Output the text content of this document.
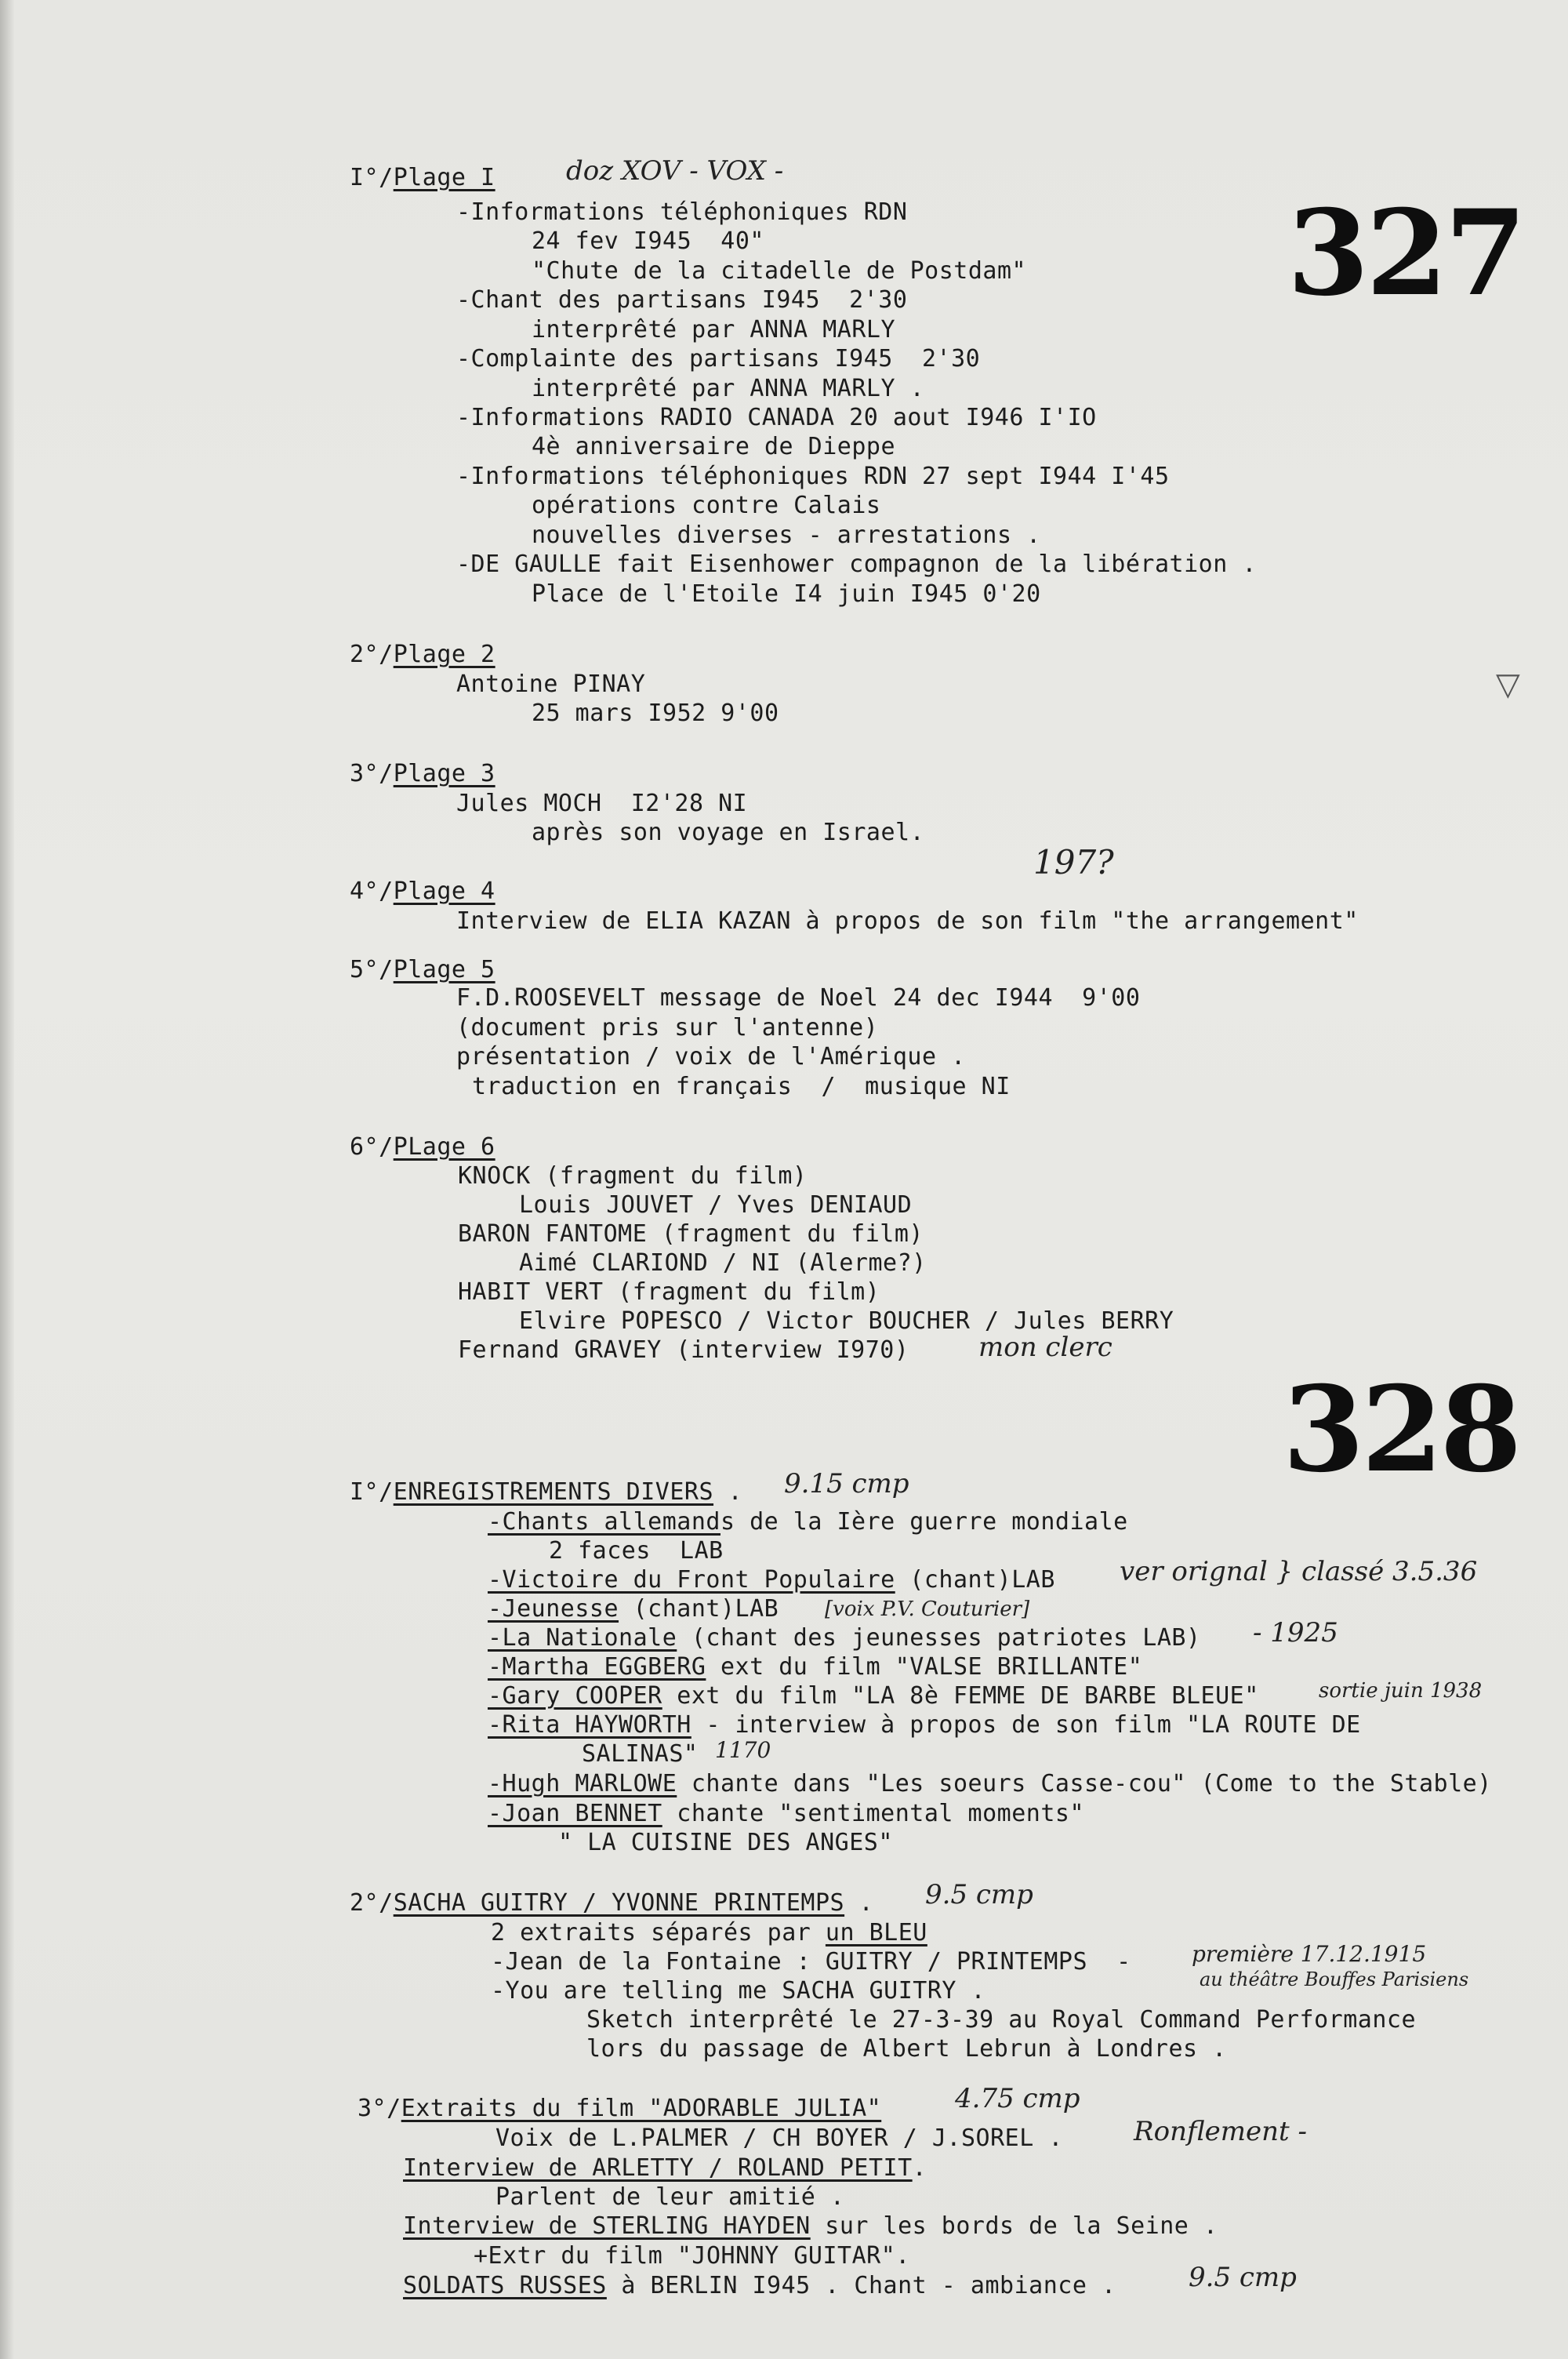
327
I°/Plage I	doz XOV - VOX -
-Informations téléphoniques RDN
24 fev I945  40"
"Chute de la citadelle de Postdam"
-Chant des partisans I945  2'30
interprêté par ANNA MARLY
-Complainte des partisans I945  2'30
interprêté par ANNA MARLY .
-Informations RADIO CANADA 20 aout I946 I'IO
4è anniversaire de Dieppe
-Informations téléphoniques RDN 27 sept I944 I'45
opérations contre Calais
nouvelles diverses - arrestations .
-DE GAULLE fait Eisenhower compagnon de la libération .
Place de l'Etoile I4 juin I945 0'20
2°/Plage 2
Antoine PINAY
25 mars I952 9'00
▽
3°/Plage 3
Jules MOCH  I2'28 NI
après son voyage en Israel.
4°/Plage 4
197?
Interview de ELIA KAZAN à propos de son film "the arrangement"
5°/Plage 5
F.D.ROOSEVELT message de Noel 24 dec I944  9'00
(document pris sur l'antenne)
présentation / voix de l'Amérique .
traduction en français  /  musique NI
6°/PLage 6
KNOCK (fragment du film)
Louis JOUVET / Yves DENIAUD
BARON FANTOME (fragment du film)
Aimé CLARIOND / NI (Alerme?)
HABIT VERT (fragment du film)
Elvire POPESCO / Victor BOUCHER / Jules BERRY
Fernand GRAVEY (interview I970)	mon clerc
328
I°/ENREGISTREMENTS DIVERS . 9.15 cmp
-Chants allemands de la Ière guerre mondiale
2 faces  LAB
-Victoire du Front Populaire (chant)LAB ver orignal } classé 3.5.36
-Jeunesse (chant)LAB [voix P.V. Couturier]
-La Nationale (chant des jeunesses patriotes LAB) - 1925
-Martha EGGBERG ext du film "VALSE BRILLANTE"
-Gary COOPER ext du film "LA 8è FEMME DE BARBE BLEUE"	sortie juin 1938
-Rita HAYWORTH - interview à propos de son film "LA ROUTE DE
SALINAS" 1170
-Hugh MARLOWE chante dans "Les soeurs Casse-cou" (Come to the Stable)
-Joan BENNET chante "sentimental moments"
" LA CUISINE DES ANGES"
2°/SACHA GUITRY / YVONNE PRINTEMPS . 9.5 cmp
2 extraits séparés par un BLEU
-Jean de la Fontaine : GUITRY / PRINTEMPS  -	première 17.12.1915
au théâtre Bouffes Parisiens
-You are telling me SACHA GUITRY .
Sketch interprêté le 27-3-39 au Royal Command Performance
lors du passage de Albert Lebrun à Londres .
3°/Extraits du film "ADORABLE JULIA"	4.75 cmp
Ronflement -
Voix de L.PALMER / CH BOYER / J.SOREL .
Interview de ARLETTY / ROLAND PETIT.
Parlent de leur amitié .
Interview de STERLING HAYDEN sur les bords de la Seine .
+Extr du film "JOHNNY GUITAR".
SOLDATS RUSSES à BERLIN I945 . Chant - ambiance .	9.5 cmp
